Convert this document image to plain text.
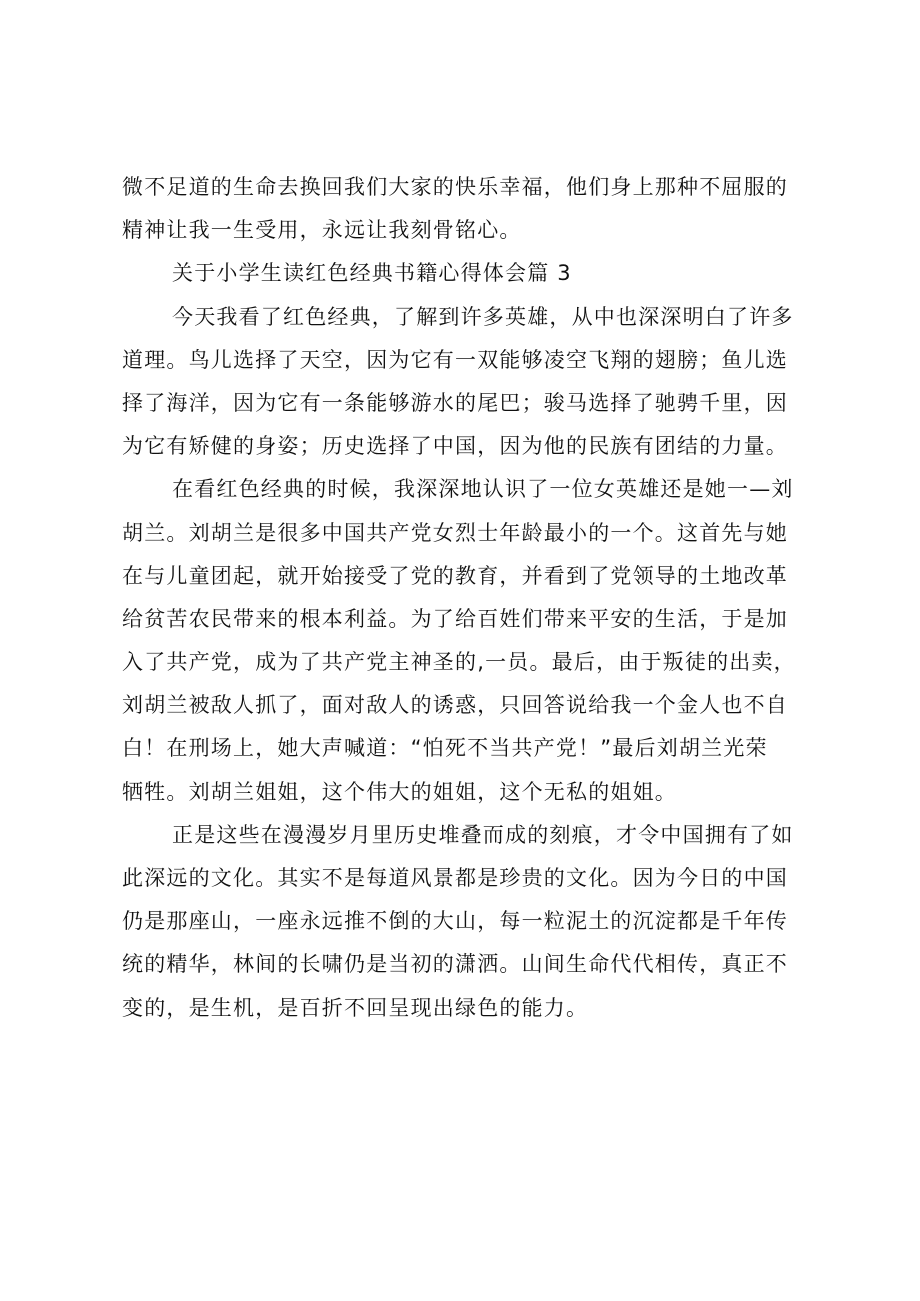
微不足道的生命去换回我们大家的快乐幸福，他们身上那种不屈服的
精神让我一生受用，永远让我刻骨铭心。
关于小学生读红色经典书籍心得体会篇 3
今天我看了红色经典，了解到许多英雄，从中也深深明白了许多
道理。鸟儿选择了天空，因为它有一双能够凌空飞翔的翅膀；鱼儿选
择了海洋，因为它有一条能够游水的尾巴；骏马选择了驰骋千里，因
为它有矫健的身姿；历史选择了中国，因为他的民族有团结的力量。
在看红色经典的时候，我深深地认识了一位女英雄还是她一—刘
胡兰。刘胡兰是很多中国共产党女烈士年龄最小的一个。这首先与她
在与儿童团起，就开始接受了党的教育，并看到了党领导的土地改革
给贫苦农民带来的根本利益。为了给百姓们带来平安的生活，于是加
入了共产党，成为了共产党主神圣的,一员。最后，由于叛徒的出卖，
刘胡兰被敌人抓了，面对敌人的诱惑，只回答说给我一个金人也不自
白！在刑场上，她大声喊道：“怕死不当共产党！”最后刘胡兰光荣
牺牲。刘胡兰姐姐，这个伟大的姐姐，这个无私的姐姐。
正是这些在漫漫岁月里历史堆叠而成的刻痕，才令中国拥有了如
此深远的文化。其实不是每道风景都是珍贵的文化。因为今日的中国
仍是那座山，一座永远推不倒的大山，每一粒泥土的沉淀都是千年传
统的精华，林间的长啸仍是当初的潇洒。山间生命代代相传，真正不
变的，是生机，是百折不回呈现出绿色的能力。
